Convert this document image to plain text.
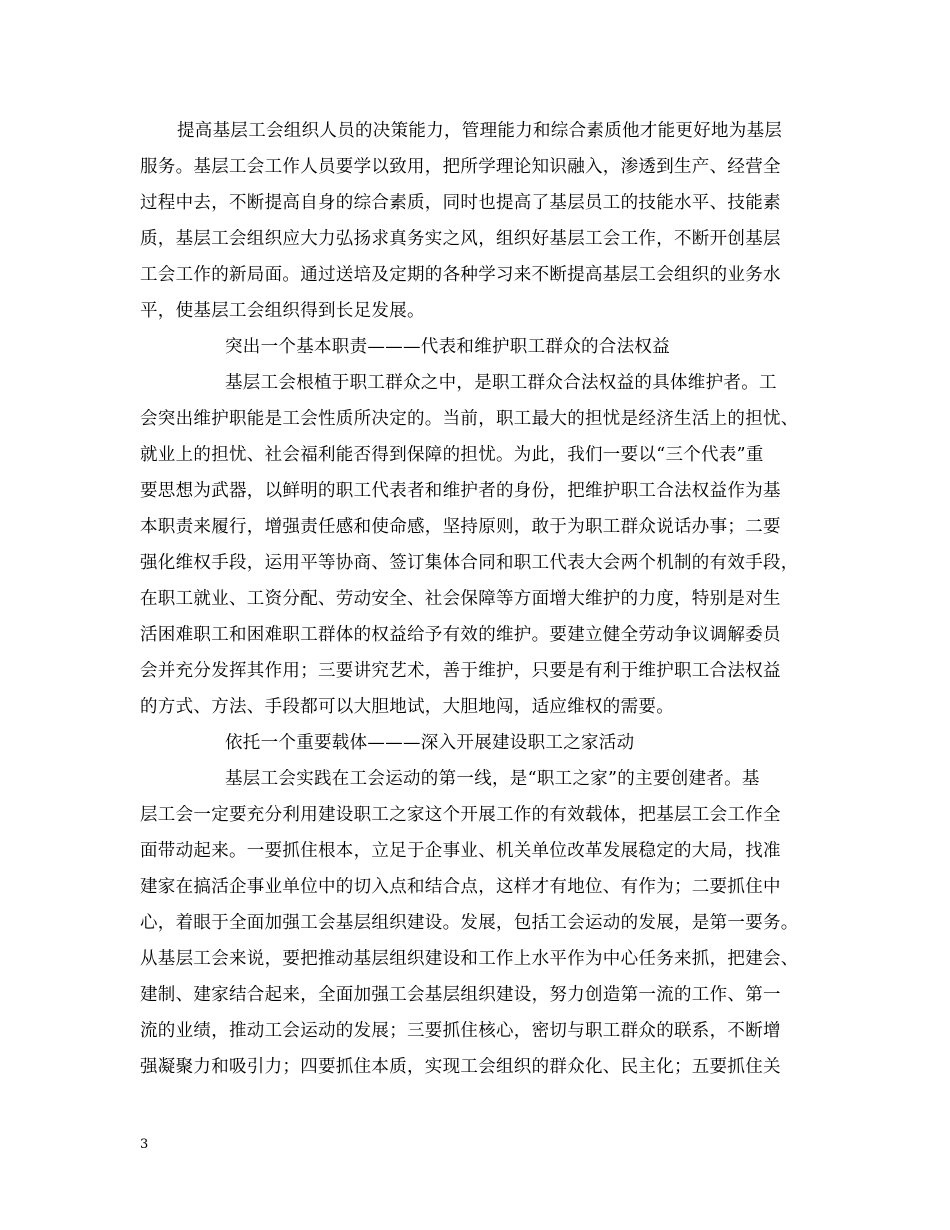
提高基层工会组织人员的决策能力，管理能力和综合素质他才能更好地为基层
服务。基层工会工作人员要学以致用，把所学理论知识融入，渗透到生产、经营全
过程中去，不断提高自身的综合素质，同时也提高了基层员工的技能水平、技能素
质，基层工会组织应大力弘扬求真务实之风，组织好基层工会工作，不断开创基层
工会工作的新局面。通过送培及定期的各种学习来不断提高基层工会组织的业务水
平，使基层工会组织得到长足发展。
突出一个基本职责———代表和维护职工群众的合法权益
基层工会根植于职工群众之中，是职工群众合法权益的具体维护者。工
会突出维护职能是工会性质所决定的。当前，职工最大的担忧是经济生活上的担忧、
就业上的担忧、社会福利能否得到保障的担忧。为此，我们一要以“三个代表”重
要思想为武器，以鲜明的职工代表者和维护者的身份，把维护职工合法权益作为基
本职责来履行，增强责任感和使命感，坚持原则，敢于为职工群众说话办事；二要
强化维权手段，运用平等协商、签订集体合同和职工代表大会两个机制的有效手段，
在职工就业、工资分配、劳动安全、社会保障等方面增大维护的力度，特别是对生
活困难职工和困难职工群体的权益给予有效的维护。要建立健全劳动争议调解委员
会并充分发挥其作用；三要讲究艺术，善于维护，只要是有利于维护职工合法权益
的方式、方法、手段都可以大胆地试，大胆地闯，适应维权的需要。
依托一个重要载体———深入开展建设职工之家活动
基层工会实践在工会运动的第一线，是“职工之家”的主要创建者。基
层工会一定要充分利用建设职工之家这个开展工作的有效载体，把基层工会工作全
面带动起来。一要抓住根本，立足于企事业、机关单位改革发展稳定的大局，找准
建家在搞活企事业单位中的切入点和结合点，这样才有地位、有作为；二要抓住中
心，着眼于全面加强工会基层组织建设。发展，包括工会运动的发展，是第一要务。
从基层工会来说，要把推动基层组织建设和工作上水平作为中心任务来抓，把建会、
建制、建家结合起来，全面加强工会基层组织建设，努力创造第一流的工作、第一
流的业绩，推动工会运动的发展；三要抓住核心，密切与职工群众的联系，不断增
强凝聚力和吸引力；四要抓住本质，实现工会组织的群众化、民主化；五要抓住关
3
